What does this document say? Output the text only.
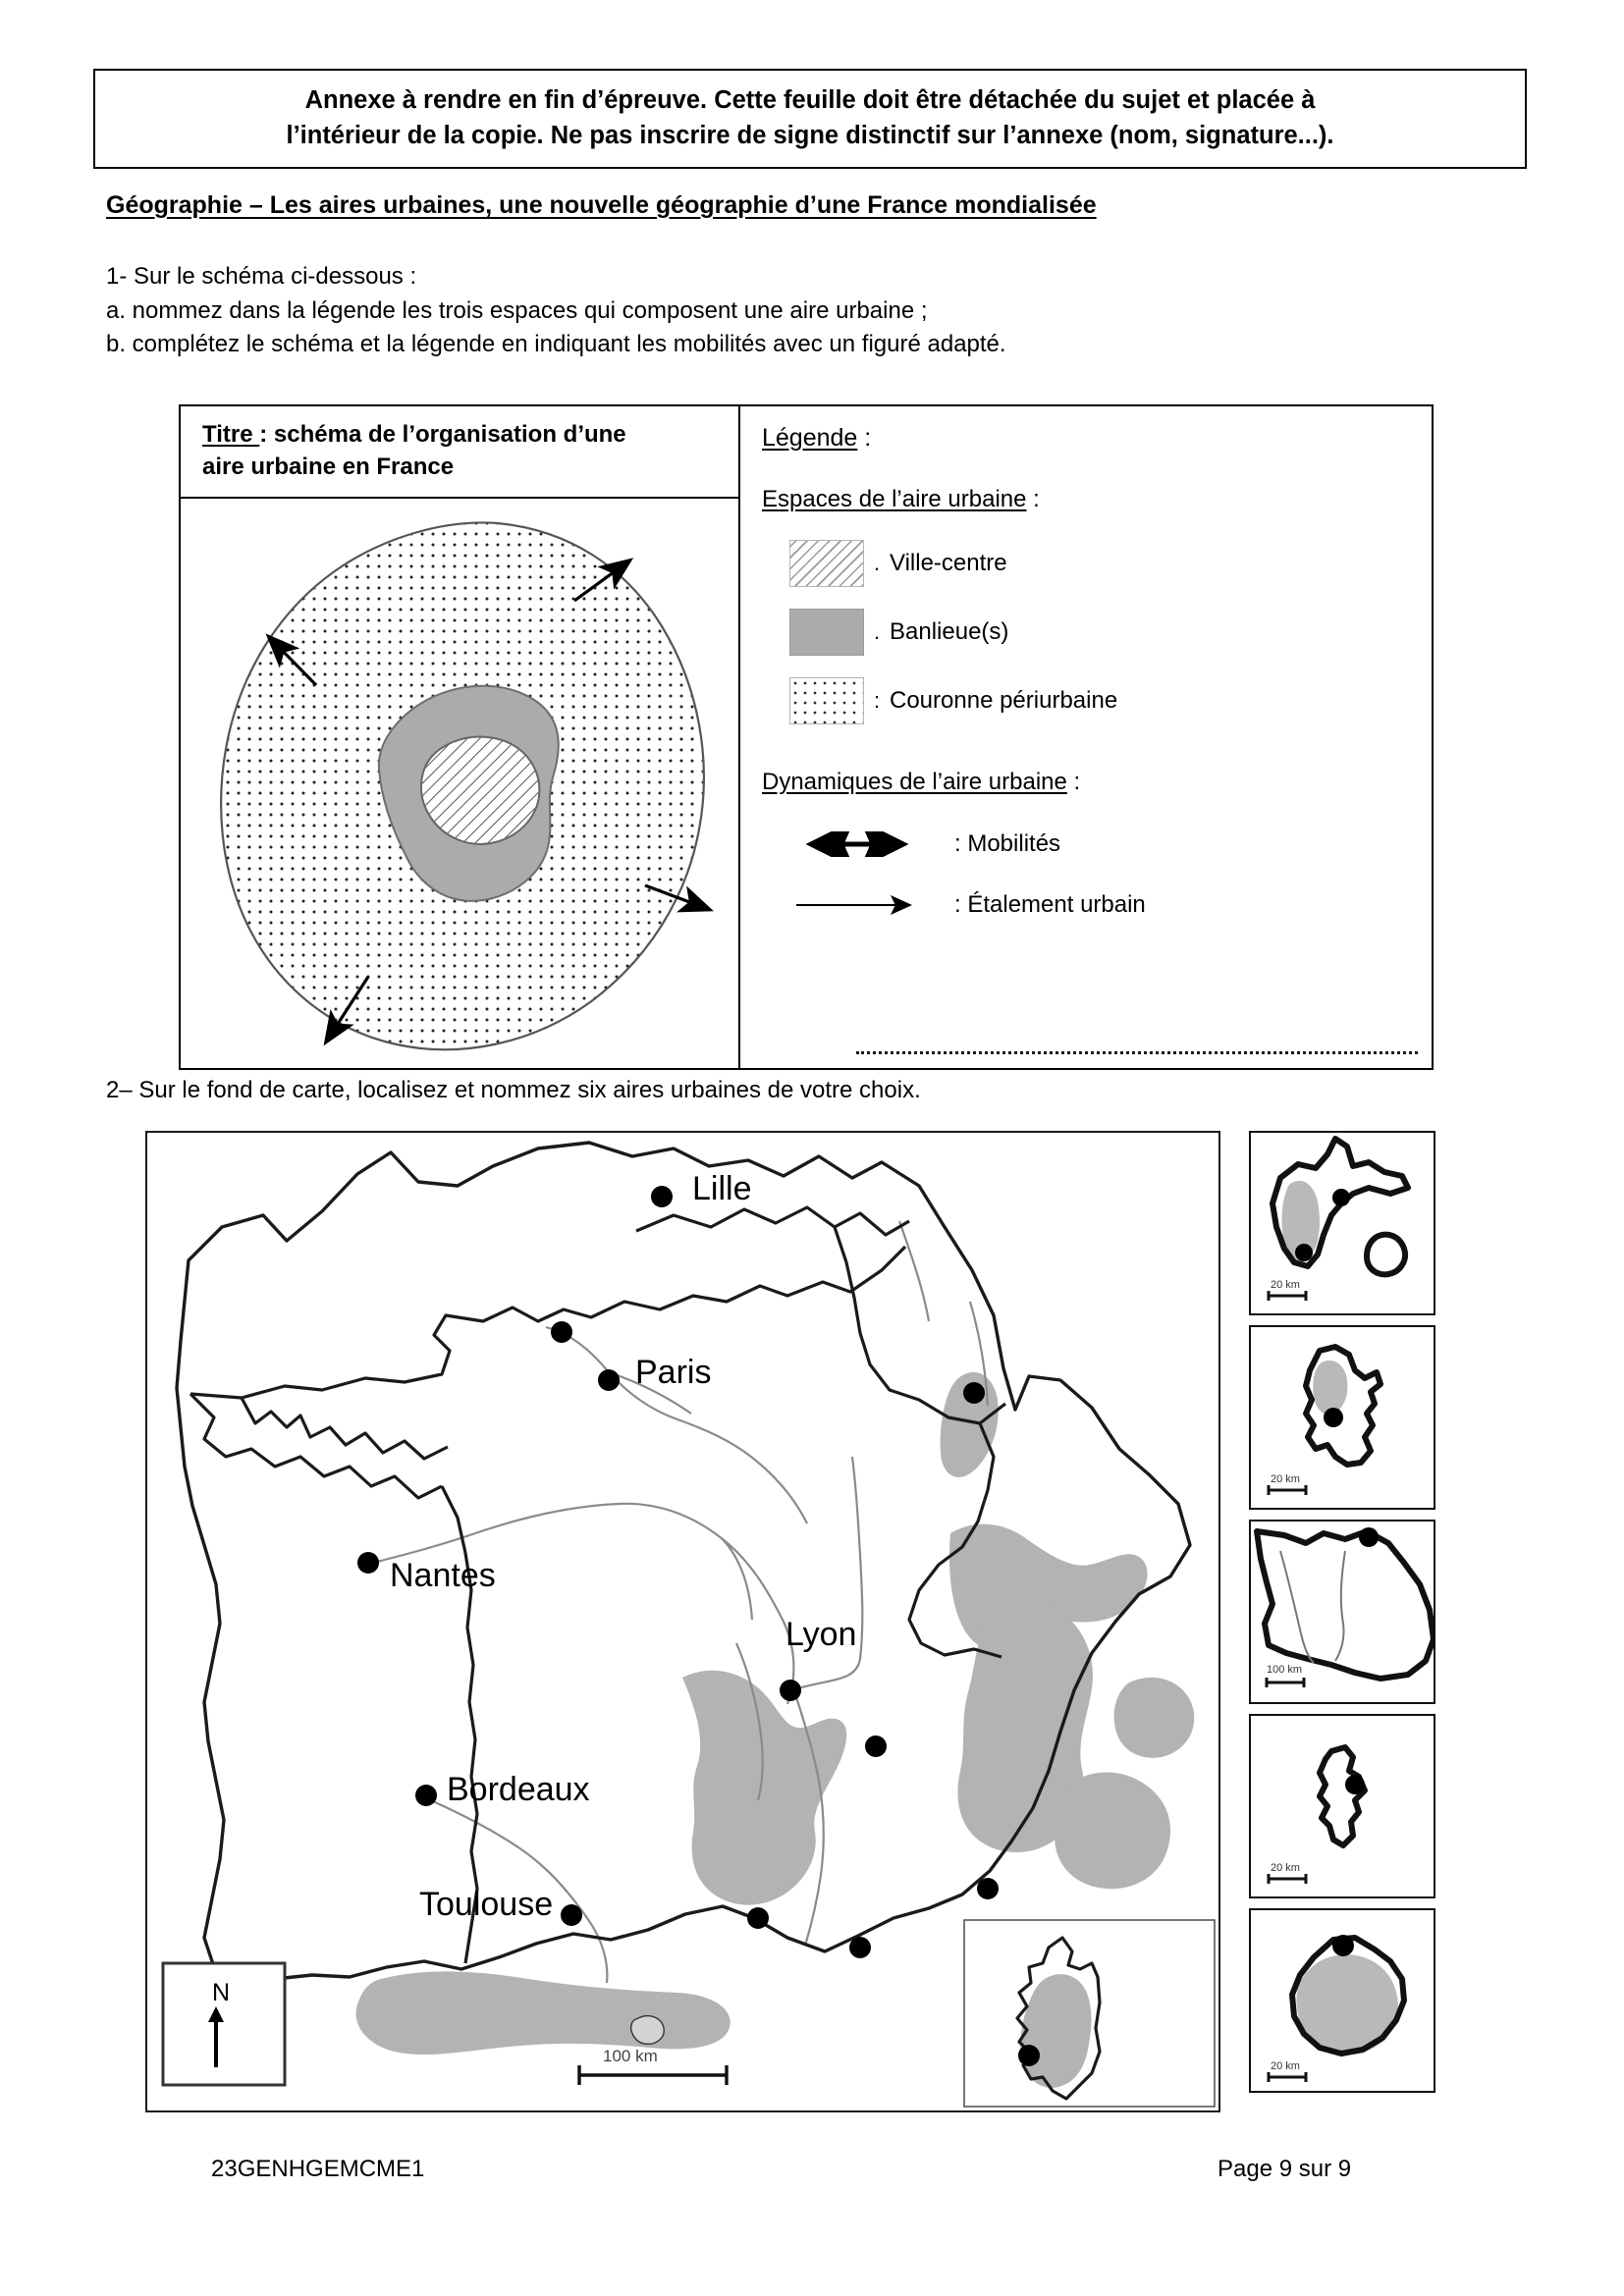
Annexe à rendre en fin d’épreuve. Cette feuille doit être détachée du sujet et placée à

l’intérieur de la copie. Ne pas inscrire de signe distinctif sur l’annexe (nom, signature...).

Géographie – Les aires urbaines, une nouvelle géographie d’une France mondialisée
1- Sur le schéma ci-dessous :
a. nommez dans la légende les trois espaces qui composent une aire urbaine ;
b. complétez le schéma et la légende en indiquant les mobilités avec un figuré adapté.
Titre : schéma de l’organisation d’une
aire urbaine en France
Légende :
Espaces de l’aire urbaine :
. Ville-centre
. Banlieue(s)
: Couronne périurbaine
Dynamiques de l’aire urbaine :
: Mobilités
: Étalement urbain
2– Sur le fond de carte, localisez et nommez six aires urbaines de votre choix.
Lille
Paris
Nantes
Lyon
Bordeaux
Toulouse
N
100 km
20 km
20 km
100 km
20 km
20 km
23GENHGEMCME1	Page 9 sur 9
